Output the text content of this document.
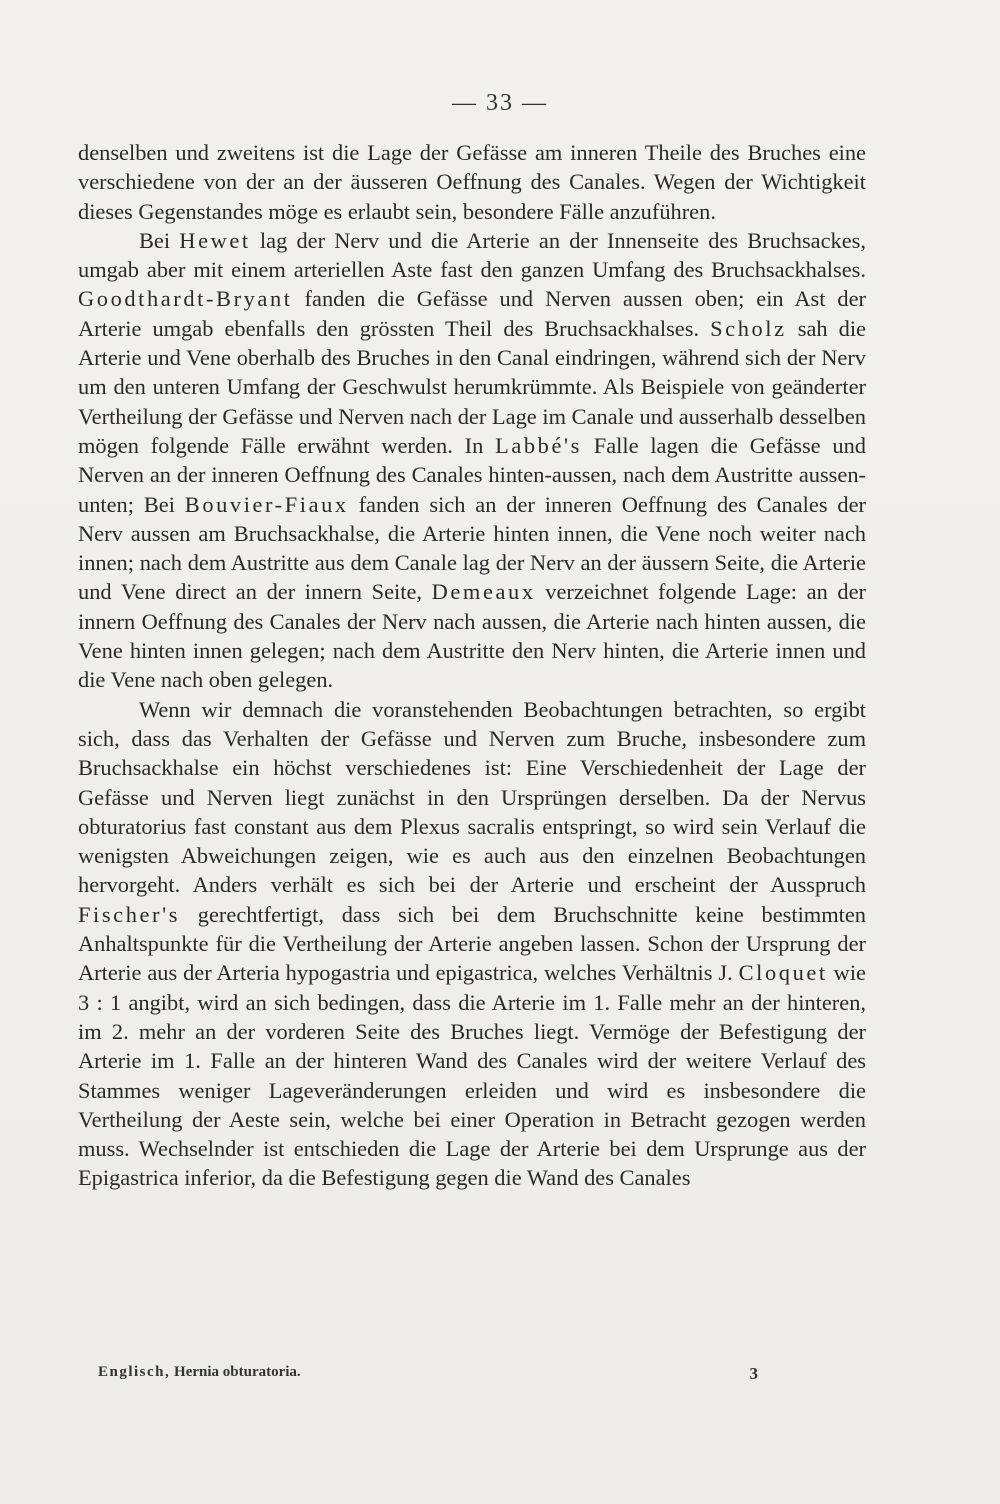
— 33 —

denselben und zweitens ist die Lage der Gefässe am inneren Theile des Bruches eine verschiedene von der an der äusseren Oeffnung des Canales. Wegen der Wichtigkeit dieses Gegenstandes möge es erlaubt sein, besondere Fälle anzuführen.

Bei Hewet lag der Nerv und die Arterie an der Innenseite des Bruchsackes, umgab aber mit einem arteriellen Aste fast den ganzen Umfang des Bruchsackhalses. Goodthardt-Bryant fanden die Gefässe und Nerven aussen oben; ein Ast der Arterie umgab ebenfalls den grössten Theil des Bruchsackhalses. Scholz sah die Arterie und Vene oberhalb des Bruches in den Canal eindringen, während sich der Nerv um den unteren Umfang der Geschwulst herumkrümmte. Als Beispiele von geänderter Vertheilung der Gefässe und Nerven nach der Lage im Canale und ausserhalb desselben mögen folgende Fälle erwähnt werden. In Labbé's Falle lagen die Gefässe und Nerven an der inneren Oeffnung des Canales hinten-aussen, nach dem Austritte aussen-unten; Bei Bouvier-Fiaux fanden sich an der inneren Oeffnung des Canales der Nerv aussen am Bruchsackhalse, die Arterie hinten innen, die Vene noch weiter nach innen; nach dem Austritte aus dem Canale lag der Nerv an der äussern Seite, die Arterie und Vene direct an der innern Seite, Demeaux verzeichnet folgende Lage: an der innern Oeffnung des Canales der Nerv nach aussen, die Arterie nach hinten aussen, die Vene hinten innen gelegen; nach dem Austritte den Nerv hinten, die Arterie innen und die Vene nach oben gelegen.

Wenn wir demnach die voranstehenden Beobachtungen betrachten, so ergibt sich, dass das Verhalten der Gefässe und Nerven zum Bruche, insbesondere zum Bruchsackhalse ein höchst verschiedenes ist: Eine Verschiedenheit der Lage der Gefässe und Nerven liegt zunächst in den Ursprüngen derselben. Da der Nervus obturatorius fast constant aus dem Plexus sacralis entspringt, so wird sein Verlauf die wenigsten Abweichungen zeigen, wie es auch aus den einzelnen Beobachtungen hervorgeht. Anders verhält es sich bei der Arterie und erscheint der Ausspruch Fischer's gerechtfertigt, dass sich bei dem Bruchschnitte keine bestimmten Anhaltspunkte für die Vertheilung der Arterie angeben lassen. Schon der Ursprung der Arterie aus der Arteria hypogastria und epigastrica, welches Verhältnis J. Cloquet wie 3 : 1 angibt, wird an sich bedingen, dass die Arterie im 1. Falle mehr an der hinteren, im 2. mehr an der vorderen Seite des Bruches liegt. Vermöge der Befestigung der Arterie im 1. Falle an der hinteren Wand des Canales wird der weitere Verlauf des Stammes weniger Lageveränderungen erleiden und wird es insbesondere die Vertheilung der Aeste sein, welche bei einer Operation in Betracht gezogen werden muss. Wechselnder ist entschieden die Lage der Arterie bei dem Ursprunge aus der Epigastrica inferior, da die Befestigung gegen die Wand des Canales

Englisch, Hernia obturatoria.	3
